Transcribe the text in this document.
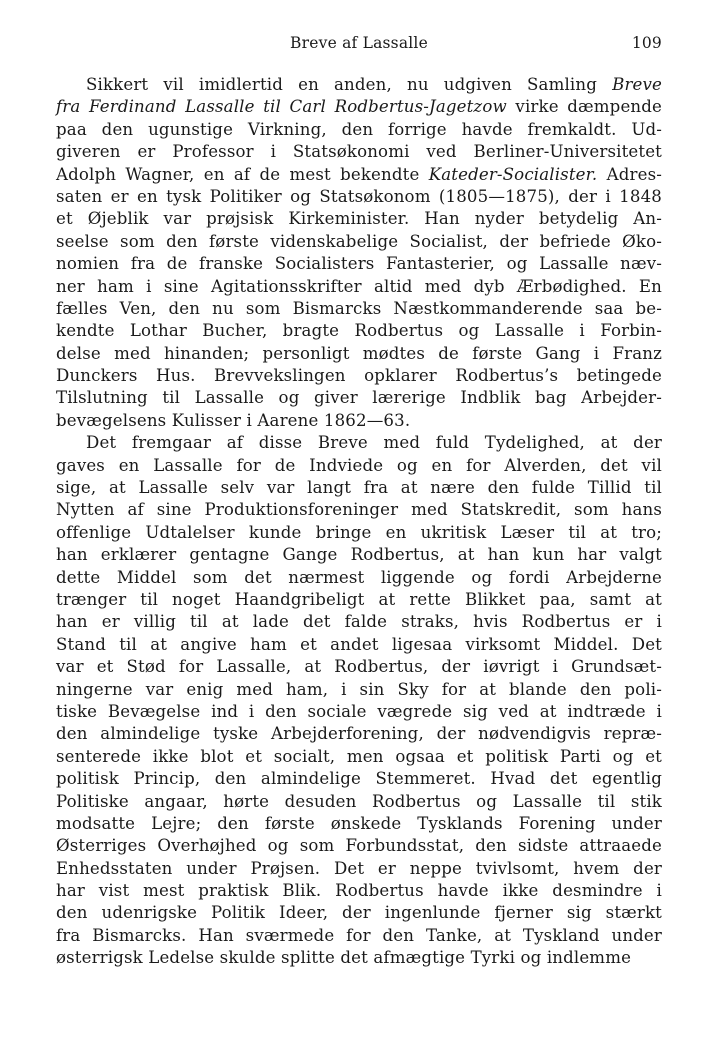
Breve af Lassalle	109
Sikkert vil imidlertid en anden, nu udgiven Samling Breve
fra Ferdinand Lassalle til Carl Rodbertus-Jagetzow virke dæmpende
paa den ugunstige Virkning, den forrige havde fremkaldt. Ud-
giveren er Professor i Statsøkonomi ved Berliner-Universitetet
Adolph Wagner, en af de mest bekendte Kateder-Socialister. Adres-
saten er en tysk Politiker og Statsøkonom (1805—1875), der i 1848
et Øjeblik var prøjsisk Kirkeminister. Han nyder betydelig An-
seelse som den første videnskabelige Socialist, der befriede Øko-
nomien fra de franske Socialisters Fantasterier, og Lassalle næv-
ner ham i sine Agitationsskrifter altid med dyb Ærbødighed. En
fælles Ven, den nu som Bismarcks Næstkommanderende saa be-
kendte Lothar Bucher, bragte Rodbertus og Lassalle i Forbin-
delse med hinanden; personligt mødtes de første Gang i Franz
Dunckers Hus. Brevvekslingen opklarer Rodbertus’s betingede
Tilslutning til Lassalle og giver lærerige Indblik bag Arbejder-
bevægelsens Kulisser i Aarene 1862—63.
Det fremgaar af disse Breve med fuld Tydelighed, at der
gaves en Lassalle for de Indviede og en for Alverden, det vil
sige, at Lassalle selv var langt fra at nære den fulde Tillid til
Nytten af sine Produktionsforeninger med Statskredit, som hans
offenlige Udtalelser kunde bringe en ukritisk Læser til at tro;
han erklærer gentagne Gange Rodbertus, at han kun har valgt
dette Middel som det nærmest liggende og fordi Arbejderne
trænger til noget Haandgribeligt at rette Blikket paa, samt at
han er villig til at lade det falde straks, hvis Rodbertus er i
Stand til at angive ham et andet ligesaa virksomt Middel. Det
var et Stød for Lassalle, at Rodbertus, der iøvrigt i Grundsæt-
ningerne var enig med ham, i sin Sky for at blande den poli-
tiske Bevægelse ind i den sociale vægrede sig ved at indtræde i
den almindelige tyske Arbejderforening, der nødvendigvis repræ-
senterede ikke blot et socialt, men ogsaa et politisk Parti og et
politisk Princip, den almindelige Stemmeret. Hvad det egentlig
Politiske angaar, hørte desuden Rodbertus og Lassalle til stik
modsatte Lejre; den første ønskede Tysklands Forening under
Østerriges Overhøjhed og som Forbundsstat, den sidste attraaede
Enhedsstaten under Prøjsen. Det er neppe tvivlsomt, hvem der
har vist mest praktisk Blik. Rodbertus havde ikke desmindre i
den udenrigske Politik Ideer, der ingenlunde fjerner sig stærkt
fra Bismarcks. Han sværmede for den Tanke, at Tyskland under
østerrigsk Ledelse skulde splitte det afmægtige Tyrki og indlemme
